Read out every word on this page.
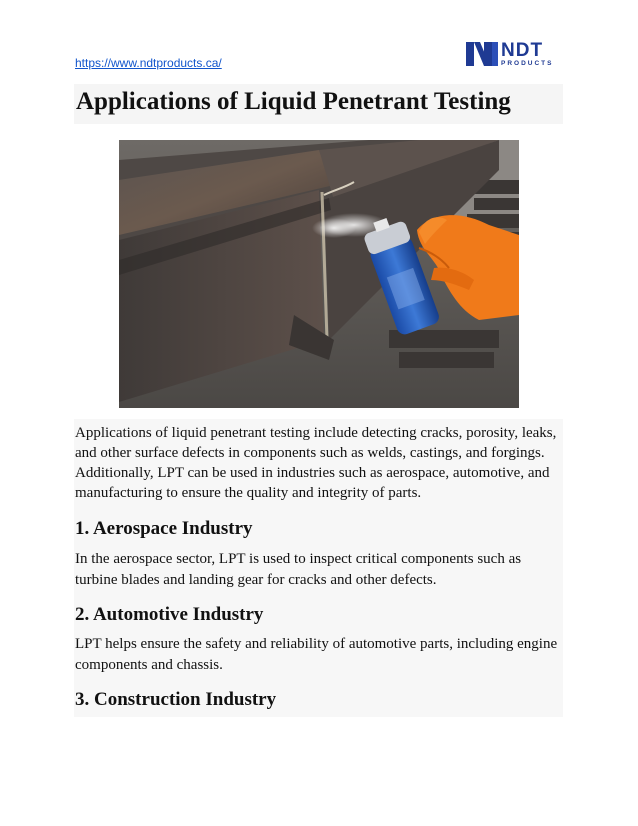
https://www.ndtproducts.ca/
NDT
PRODUCTS
Applications of Liquid Penetrant Testing

Applications of liquid penetrant testing include detecting cracks, porosity, leaks, and other surface defects in components such as welds, castings, and forgings. Additionally, LPT can be used in industries such as aerospace, automotive, and manufacturing to ensure the quality and integrity of parts.

1. Aerospace Industry

In the aerospace sector, LPT is used to inspect critical components such as turbine blades and landing gear for cracks and other defects.

2. Automotive Industry

LPT helps ensure the safety and reliability of automotive parts, including engine components and chassis.

3. Construction Industry
